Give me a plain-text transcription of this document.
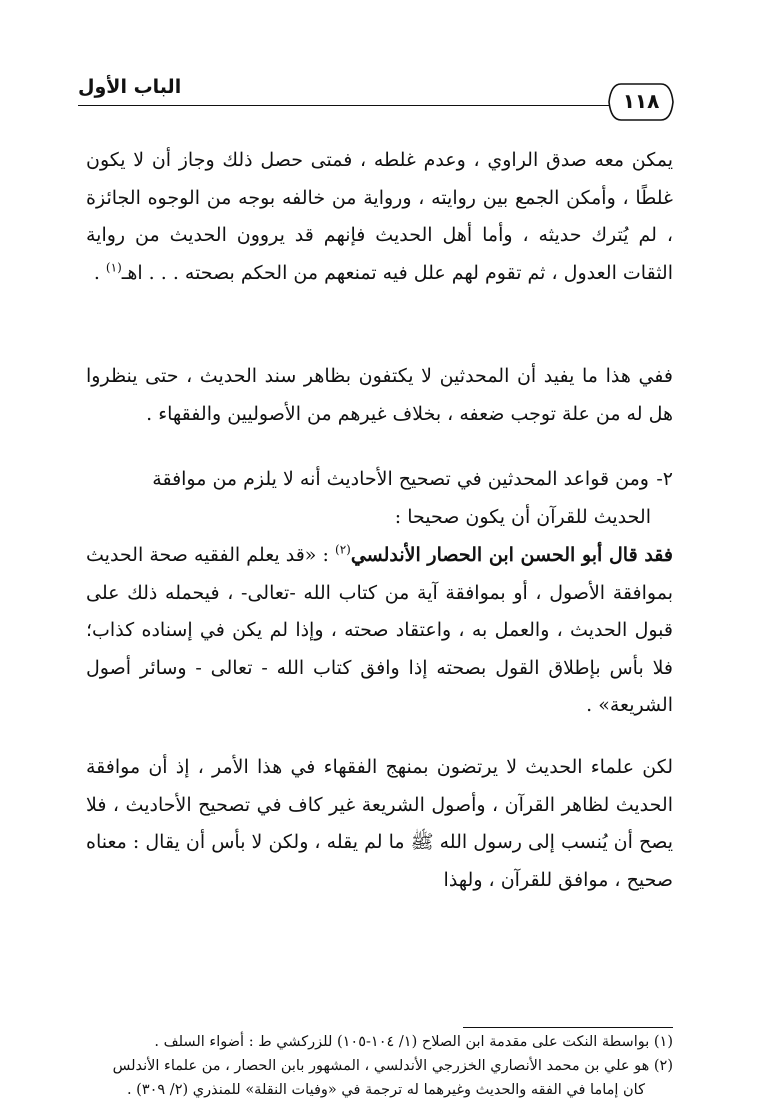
الباب الأول
١١٨
يمكن معه صدق الراوي ، وعدم غلطه ، فمتى حصل ذلك وجاز أن لا يكون غلطًا ، وأمكن الجمع بين روايته ، ورواية من خالفه بوجه من الوجوه الجائزة ، لم يُترك حديثه ، وأما أهل الحديث فإنهم قد يروون الحديث من رواية الثقات العدول ، ثم تقوم لهم علل فيه تمنعهم من الحكم بصحته . . . اهـ$^{(١)}$ .
ففي هذا ما يفيد أن المحدثين لا يكتفون بظاهر سند الحديث ، حتى ينظروا هل له من علة توجب ضعفه ، بخلاف غيرهم من الأصوليين والفقهاء .
٢- ومن قواعد المحدثين في تصحيح الأحاديث أنه لا يلزم من موافقة
الحديث للقرآن أن يكون صحيحا :
فقد قال أبو الحسن ابن الحصار الأندلسي$^{(٢)}$ : «قد يعلم الفقيه صحة الحديث بموافقة الأصول ، أو بموافقة آية من كتاب الله -تعالى- ، فيحمله ذلك على قبول الحديث ، والعمل به ، واعتقاد صحته ، وإذا لم يكن في إسناده كذاب؛ فلا بأس بإطلاق القول بصحته إذا وافق كتاب الله - تعالى - وسائر أصول الشريعة» .
لكن علماء الحديث لا يرتضون بمنهج الفقهاء في هذا الأمر ، إذ أن موافقة الحديث لظاهر القرآن ، وأصول الشريعة غير كاف في تصحيح الأحاديث ، فلا يصح أن يُنسب إلى رسول الله ﷺ ما لم يقله ، ولكن لا بأس أن يقال : معناه صحيح ، موافق للقرآن ، ولهذا
(١) بواسطة النكت على مقدمة ابن الصلاح (١/ ١٠٤-١٠٥) للزركشي ط : أضواء السلف .
(٢) هو علي بن محمد الأنصاري الخزرجي الأندلسي ، المشهور بابن الحصار ، من علماء الأندلس
كان إماما في الفقه والحديث وغيرهما له ترجمة في «وفيات النقلة» للمنذري (٢/ ٣٠٩) .
